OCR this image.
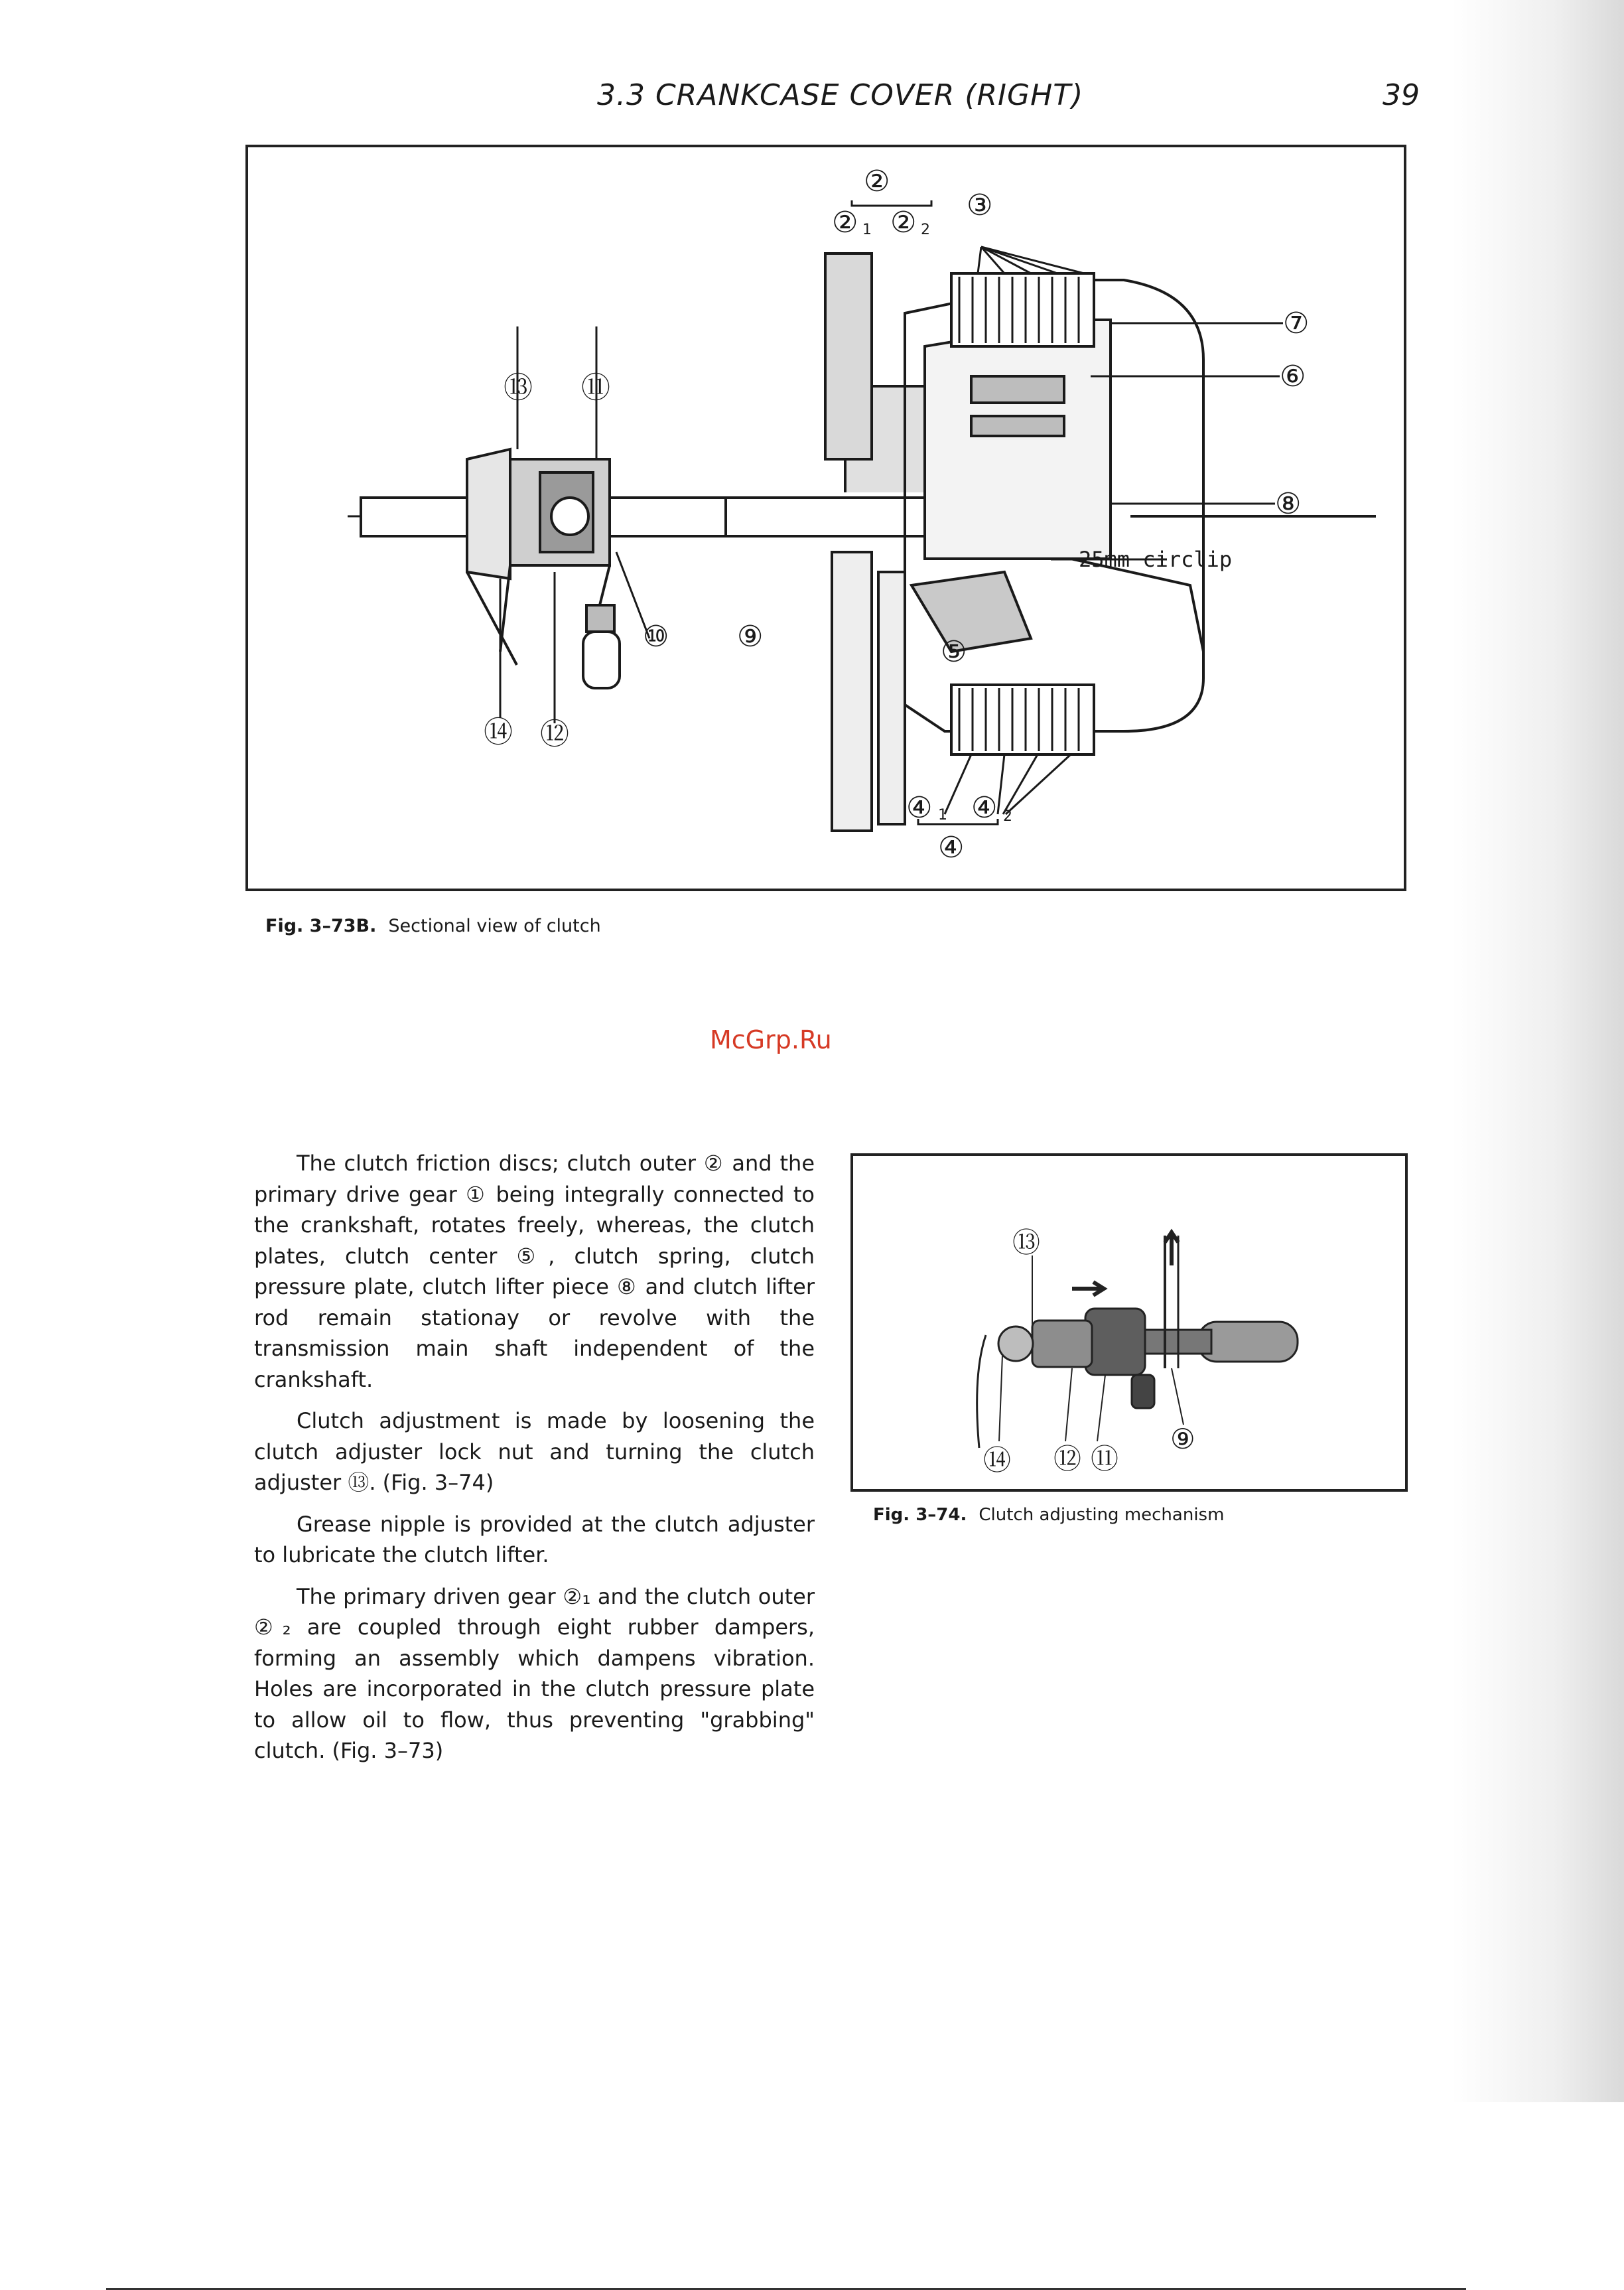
3.3 CRANKCASE COVER (RIGHT)	39
②
② 1 ② 2
③
⑦
⑥
⑧
25mm circlip
⑬ ⑪
⑩ ⑨	⑤
⑭ ⑫
④ 1 ④ 2
④
Fig. 3–73B. Sectional view of clutch
McGrp.Ru

The clutch friction discs; clutch outer ② and the primary drive gear ① being integrally connected to the crankshaft, rotates freely, whereas, the clutch plates, clutch center ⑤, clutch spring, clutch pressure plate, clutch lifter piece ⑧ and clutch lifter rod remain stationay or revolve with the transmission main shaft independent of the crankshaft.

Clutch adjustment is made by loosening the clutch adjuster lock nut and turning the clutch adjuster ⑬. (Fig. 3–74)

Grease nipple is provided at the clutch adjuster to lubricate the clutch lifter.

The primary driven gear ②₁ and the clutch outer ②₂ are coupled through eight rubber dampers, forming an assembly which dampens vibration. Holes are incorporated in the clutch pressure plate to allow oil to flow, thus preventing "grabbing" clutch. (Fig. 3–73)

⑬
⑭ ⑫ ⑪
⑨
Fig. 3–74. Clutch adjusting mechanism
